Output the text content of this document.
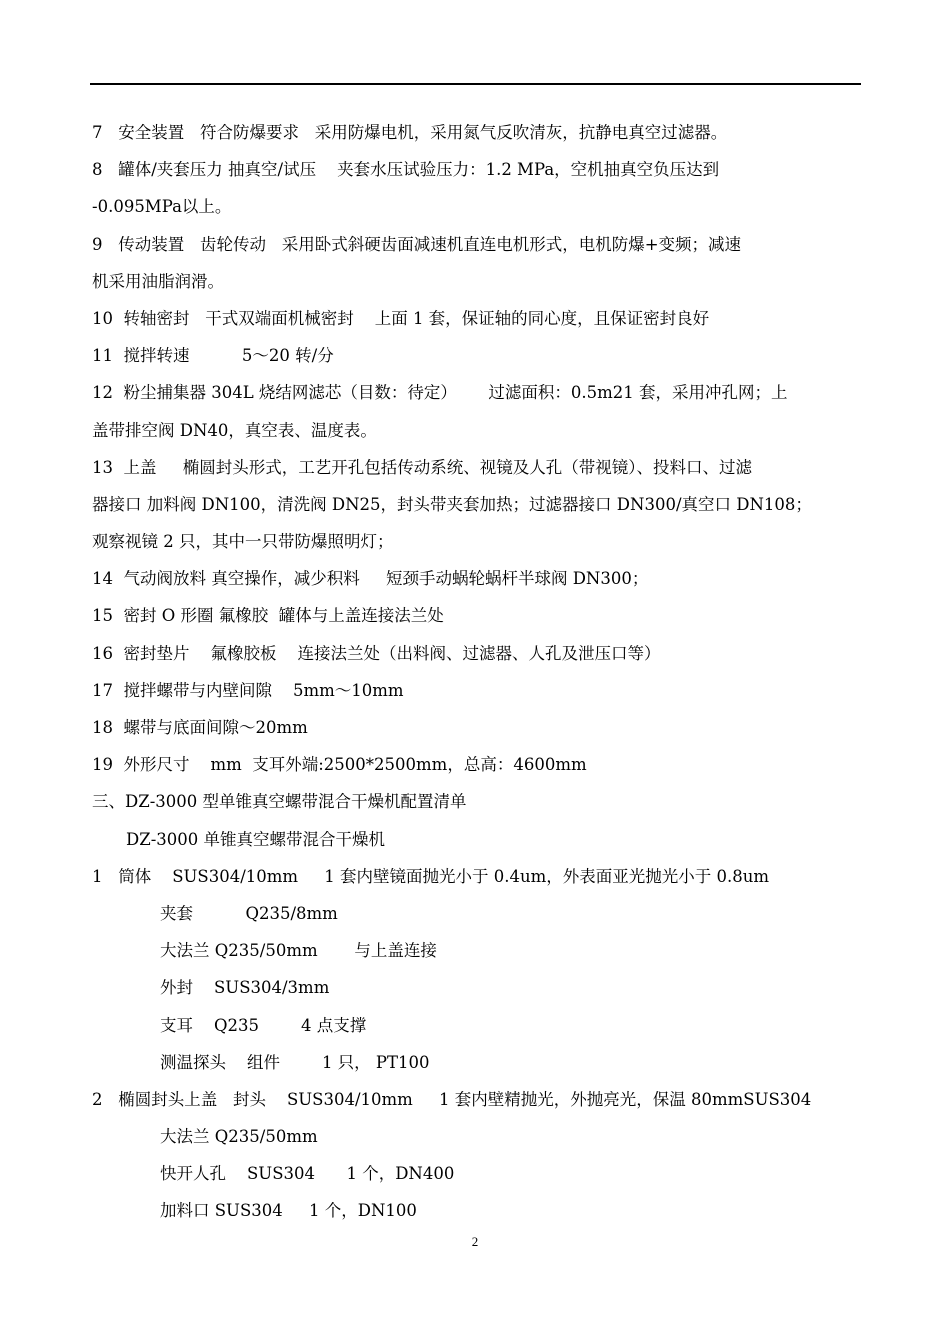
7   安全装置   符合防爆要求   采用防爆电机，采用氮气反吹清灰，抗静电真空过滤器。
8   罐体/夹套压力 抽真空/试压    夹套水压试验压力：1.2 MPa，空机抽真空负压达到
-0.095MPa以上。
9   传动装置   齿轮传动   采用卧式斜硬齿面减速机直连电机形式，电机防爆+变频；减速
机采用油脂润滑。
10  转轴密封   干式双端面机械密封    上面 1 套，保证轴的同心度，且保证密封良好
11  搅拌转速          5～20 转/分
12  粉尘捕集器 304L 烧结网滤芯（目数：待定）      过滤面积：0.5m21 套，采用冲孔网；上
盖带排空阀 DN40，真空表、温度表。
13  上盖     椭圆封头形式，工艺开孔包括传动系统、视镜及人孔（带视镜）、投料口、过滤
器接口 加料阀 DN100，清洗阀 DN25，封头带夹套加热；过滤器接口 DN300/真空口 DN108；
观察视镜 2 只，其中一只带防爆照明灯；
14  气动阀放料 真空操作，减少积料     短颈手动蜗轮蜗杆半球阀 DN300；
15  密封 O 形圈 氟橡胶  罐体与上盖连接法兰处
16  密封垫片    氟橡胶板    连接法兰处（出料阀、过滤器、人孔及泄压口等）
17  搅拌螺带与内壁间隙    5mm～10mm
18  螺带与底面间隙～20mm
19  外形尺寸    mm  支耳外端:2500*2500mm，总高：4600mm
三、DZ-3000 型单锥真空螺带混合干燥机配置清单
DZ-3000 单锥真空螺带混合干燥机
1   筒体    SUS304/10mm     1 套内壁镜面抛光小于 0.4um，外表面亚光抛光小于 0.8um
夹套          Q235/8mm
大法兰 Q235/50mm       与上盖连接
外封    SUS304/3mm
支耳    Q235        4 点支撑
测温探头    组件        1 只， PT100
2   椭圆封头上盖   封头    SUS304/10mm     1 套内壁精抛光，外抛亮光，保温 80mmSUS304
大法兰 Q235/50mm
快开人孔    SUS304      1 个，DN400
加料口 SUS304     1 个，DN100
2
